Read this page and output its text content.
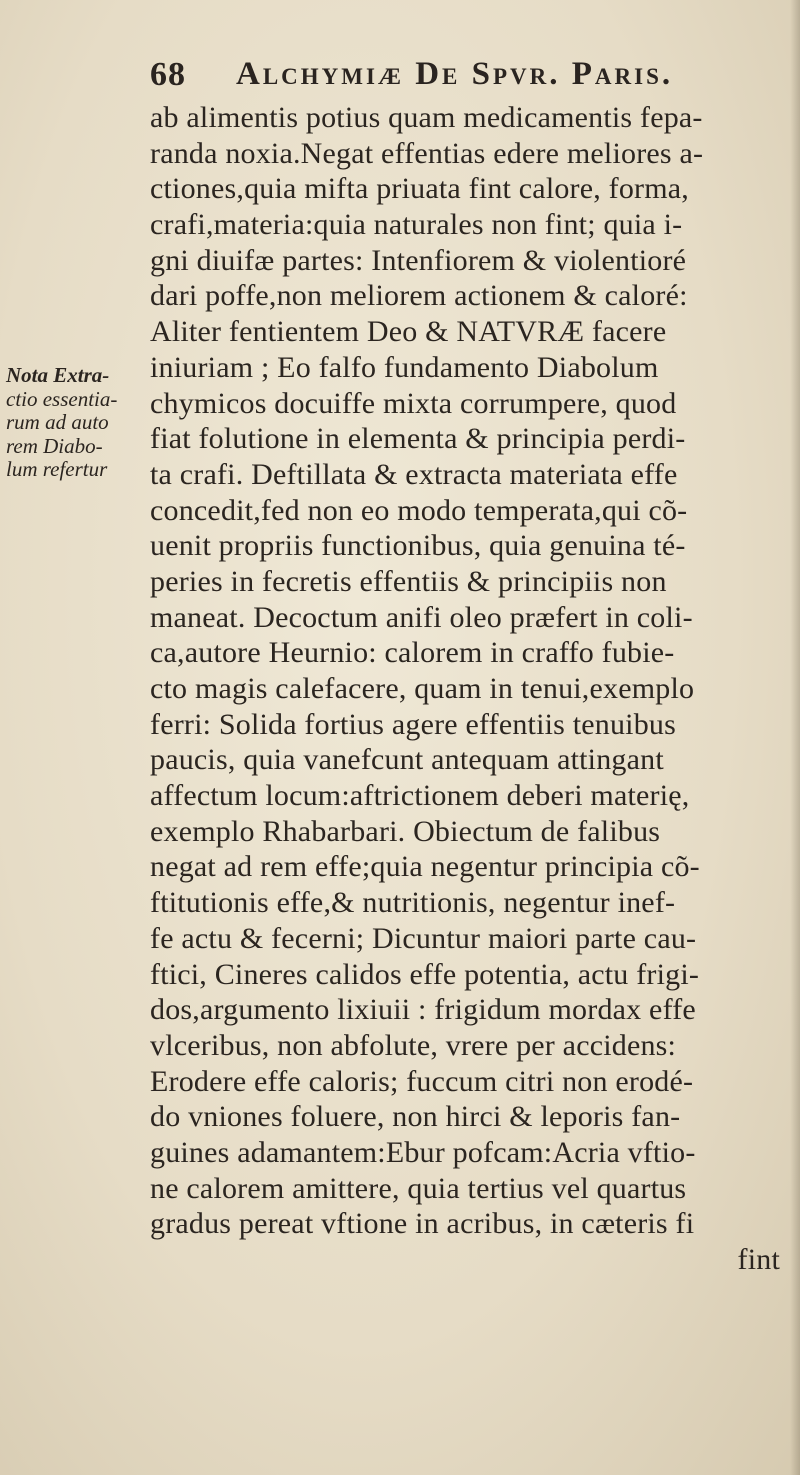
68 Alchymiæ De Spvr. Paris.
Nota Extra-
ctio essentia-
rum ad auto
rem Diabo-
lum refertur
ab alimentis potius quam medicamentis fepa-
randa noxia.Negat effentias edere meliores a-
ctiones,quia mifta priuata fint calore, forma,
crafi,materia:quia naturales non fint; quia i-
gni diuifæ partes: Intenfiorem & violentioré
dari poffe,non meliorem actionem & caloré:
Aliter fentientem Deo & NATVRÆ facere
iniuriam ; Eo falfo fundamento Diabolum
chymicos docuiffe mixta corrumpere, quod
fiat folutione in elementa & principia perdi-
ta crafi. Deftillata & extracta materiata effe
concedit,fed non eo modo temperata,qui cõ-
uenit propriis functionibus, quia genuina té-
peries in fecretis effentiis & principiis non
maneat. Decoctum anifi oleo præfert in coli-
ca,autore Heurnio: calorem in craffo fubie-
cto magis calefacere, quam in tenui,exemplo
ferri: Solida fortius agere effentiis tenuibus
paucis, quia vanefcunt antequam attingant
affectum locum:aftrictionem deberi materię,
exemplo Rhabarbari. Obiectum de falibus
negat ad rem effe;quia negentur principia cõ-
ftitutionis effe,& nutritionis, negentur inef-
fe actu & fecerni; Dicuntur maiori parte cau-
ftici, Cineres calidos effe potentia, actu frigi-
dos,argumento lixiuii : frigidum mordax effe
vlceribus, non abfolute, vrere per accidens:
Erodere effe caloris; fuccum citri non erodé-
do vniones foluere, non hirci & leporis fan-
guines adamantem:Ebur pofcam:Acria vftio-
ne calorem amittere, quia tertius vel quartus
gradus pereat vftione in acribus, in cæteris fi
fint
